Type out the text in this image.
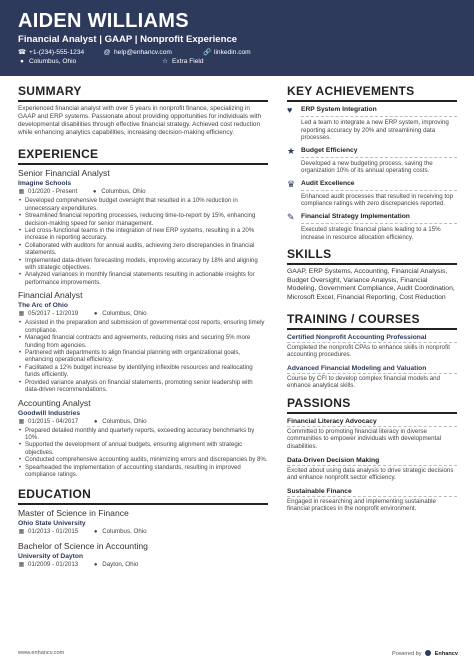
AIDEN WILLIAMS
Financial Analyst | GAAP | Nonprofit Experience
☎ +1-(234)-555-1234	@ help@enhancv.com	🔗 linkedin.com
● Columbus, Ohio	☆ Extra Field
SUMMARY
Experienced financial analyst with over 5 years in nonprofit finance, specializing in GAAP and ERP systems. Passionate about providing opportunities for individuals with developmental disabilities through effective financial strategy. Achieved cost reduction while enhancing analytics capabilities, increasing decision-making efficiency.
EXPERIENCE
Senior Financial Analyst
Imagine Schools
▦ 01/2020 - Present	● Columbus, Ohio
• Developed comprehensive budget oversight that resulted in a 10% reduction in unnecessary expenditures.
• Streamlined financial reporting processes, reducing time-to-report by 15%, enhancing decision-making speed for senior management.
• Led cross-functional teams in the integration of new ERP systems, resulting in a 20% increase in reporting accuracy.
• Collaborated with auditors for annual audits, achieving zero discrepancies in financial statements.
• Implemented data-driven forecasting models, improving accuracy by 18% and aligning with strategic objectives.
• Analyzed variances in monthly financial statements resulting in actionable insights for performance improvements.
Financial Analyst
The Arc of Ohio
▦ 05/2017 - 12/2019	● Columbus, Ohio
• Assisted in the preparation and submission of governmental cost reports, ensuring timely compliance.
• Managed financial contracts and agreements, reducing risks and securing 5% more funding from agencies.
• Partnered with departments to align financial planning with organizational goals, enhancing operational efficiency.
• Facilitated a 12% budget increase by identifying inflexible resources and reallocating funds efficiently.
• Provided variance analysis on financial statements, promoting senior leadership with data-driven recommendations.
Accounting Analyst
Goodwill Industries
▦ 01/2015 - 04/2017	● Columbus, Ohio
• Prepared detailed monthly and quarterly reports, exceeding accuracy benchmarks by 10%.
• Supported the development of annual budgets, ensuring alignment with strategic objectives.
• Conducted comprehensive accounting audits, minimizing errors and discrepancies by 8%.
• Spearheaded the implementation of accounting standards, resulting in improved compliance ratings.
EDUCATION
Master of Science in Finance
Ohio State University
▦ 01/2013 - 01/2015	● Columbus, Ohio
Bachelor of Science in Accounting
University of Dayton
▦ 01/2009 - 01/2013	● Dayton, Ohio
KEY ACHIEVEMENTS
♥	ERP System Integration
Led a team to integrate a new ERP system, improving reporting accuracy by 20% and streamlining data processes.
★ Budget Efficiency
Developed a new budgeting process, saving the organization 10% of its annual operating costs.
♛ Audit Excellence
Enhanced audit processes that resulted in receiving top compliance ratings with zero discrepancies reported.
✎ Financial Strategy Implementation
Executed strategic financial plans leading to a 15% increase in resource allocation efficiency.
SKILLS
GAAP, ERP Systems, Accounting, Financial Analysis, Budget Oversight, Variance Analysis, Financial Modeling, Government Compliance, Audit Coordination, Microsoft Excel, Financial Reporting, Cost Reduction
TRAINING / COURSES
Certified Nonprofit Accounting Professional
Completed the nonprofit CPAs to enhance skills in nonprofit accounting procedures.
Advanced Financial Modeling and Valuation
Course by CFI to develop complex financial models and enhance analytical skills.
PASSIONS
Financial Literacy Advocacy
Committed to promoting financial literacy in diverse communities to empower individuals with developmental disabilities.
Data-Driven Decision Making
Excited about using data analysis to drive strategic decisions and enhance nonprofit sector efficiency.
Sustainable Finance
Engaged in researching and implementing sustainable financial practices in the nonprofit environment.
www.enhancv.com	Powered by Enhancv
